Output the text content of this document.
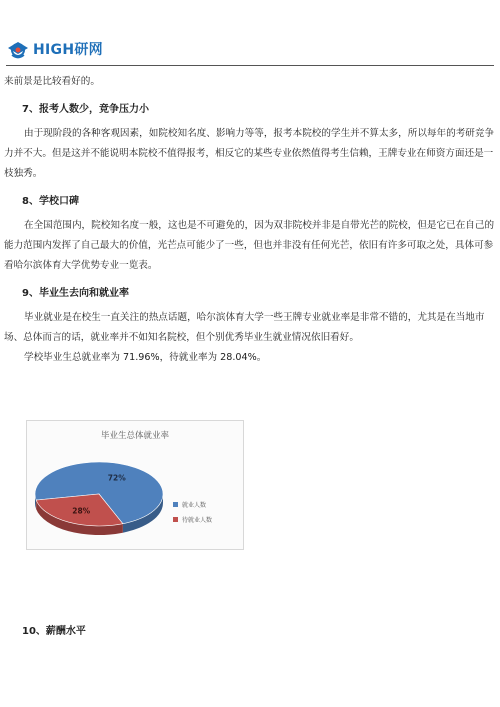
HIGH研网

来前景是比较看好的。

7、报考人数少，竞争压力小

由于现阶段的各种客观因素，如院校知名度、影响力等等，报考本院校的学生并不算太多，所以每年的考研竞争力并不大。但是这并不能说明本院校不值得报考，相反它的某些专业依然值得考生信赖，王牌专业在师资方面还是一枝独秀。

8、学校口碑

在全国范围内，院校知名度一般，这也是不可避免的，因为双非院校并非是自带光芒的院校，但是它已在自己的能力范围内发挥了自己最大的价值，光芒点可能少了一些，但也并非没有任何光芒，依旧有许多可取之处，具体可参看哈尔滨体育大学优势专业一览表。

9、毕业生去向和就业率

毕业就业是在校生一直关注的热点话题，哈尔滨体育大学一些王牌专业就业率是非常不错的，尤其是在当地市场、总体而言的话，就业率并不如知名院校，但个别优秀毕业生就业情况依旧看好。

学校毕业生总就业率为 71.96%，待就业率为 28.04%。

毕业生总体就业率
72%
28%
就业人数
待就业人数
10、薪酬水平
